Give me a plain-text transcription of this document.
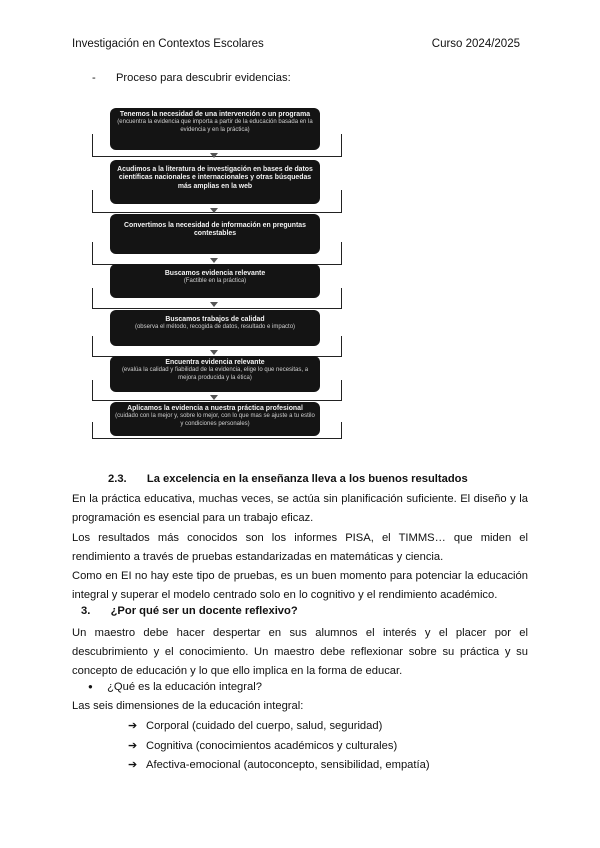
Investigación en Contextos Escolares	Curso 2024/2025
- Proceso para descubrir evidencias:
Tenemos la necesidad de una intervención o un programa
(encuentra la evidencia que importa a partir de la educación basada en la evidencia y en la práctica)
Acudimos a la literatura de investigación en bases de datos científicas nacionales e internacionales y otras búsquedas más amplias en la web
Convertimos la necesidad de información en preguntas contestables
Buscamos evidencia relevante
(Factible en la práctica)
Buscamos trabajos de calidad
(observa el método, recogida de datos, resultado e impacto)
Encuentra evidencia relevante
(evalúa la calidad y fiabilidad de la evidencia, elige lo que necesitas, a mejora producida y la ética)
Aplicamos la evidencia a nuestra práctica profesional
(cuidado con la mejor y, sobre lo mejor, con lo que mas se ajuste a tu estilo y condiciones personales)
2.3. La excelencia en la enseñanza lleva a los buenos resultados
En la práctica educativa, muchas veces, se actúa sin planificación suficiente. El diseño y la programación es esencial para un trabajo eficaz.
Los resultados más conocidos son los informes PISA, el TIMMS… que miden el rendimiento a través de pruebas estandarizadas en matemáticas y ciencia.
Como en EI no hay este tipo de pruebas, es un buen momento para potenciar la educación integral y superar el modelo centrado solo en lo cognitivo y el rendimiento académico.
3. ¿Por qué ser un docente reflexivo?
Un maestro debe hacer despertar en sus alumnos el interés y el placer por el descubrimiento y el conocimiento. Un maestro debe reflexionar sobre su práctica y su concepto de educación y lo que ello implica en la forma de educar.
● ¿Qué es la educación integral?
Las seis dimensiones de la educación integral:
➔ Corporal (cuidado del cuerpo, salud, seguridad)
➔ Cognitiva (conocimientos académicos y culturales)
➔ Afectiva-emocional (autoconcepto, sensibilidad, empatía)
